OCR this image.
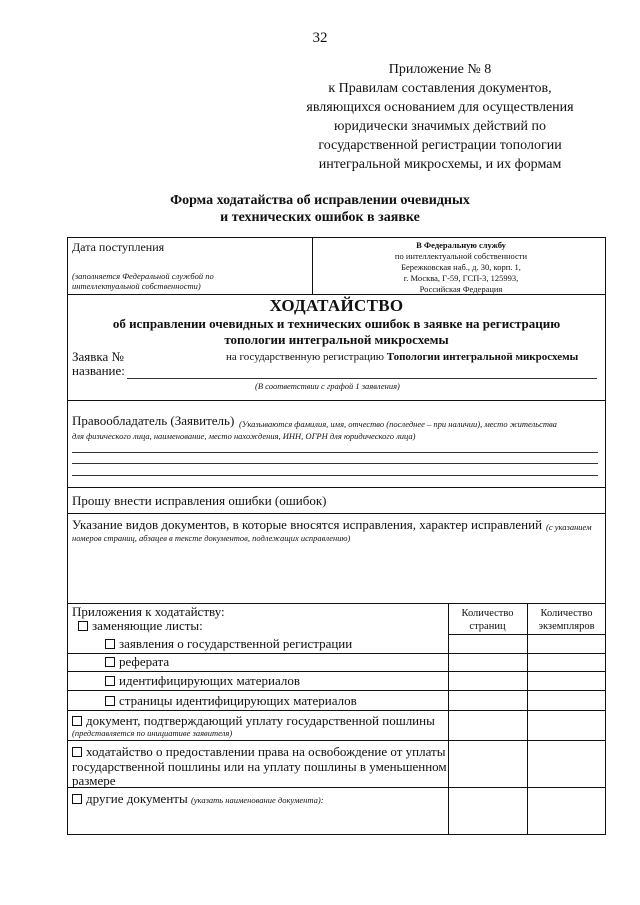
32
Приложение № 8
к Правилам составления документов,
являющихся основанием для осуществления
юридически значимых действий по
государственной регистрации топологии
интегральной микросхемы, и их формам
Форма ходатайства об исправлении очевидных
и технических ошибок в заявке
Дата поступления
(заполняется Федеральной службой по
интеллектуальной собственности)
В Федеральную службу
по интеллектуальной собственности
Бережковская наб., д. 30, корп. 1,
г. Москва, Г-59, ГСП-3, 125993,
Российская Федерация
ХОДАТАЙСТВО
об исправлении очевидных и технических ошибок в заявке на регистрацию
топологии интегральной микросхемы
Заявка №	на государственную регистрацию Топологии интегральной микросхемы
название:
(В соответствии с графой 1 заявления)
Правообладатель (Заявитель) (Указываются фамилия, имя, отчество (последнее – при наличии), место жительства
для физического лица, наименование, место нахождения, ИНН, ОГРН для юридического лица)
Прошу внести исправления ошибки (ошибок)
Указание видов документов, в которые вносятся исправления, характер исправлений (с указанием
номеров страниц, абзацев в тексте документов, подлежащих исправлению)
Приложения к ходатайству:	Количество
страниц
Количество
экземпляров
заменяющие листы:
заявления о государственной регистрации
реферата
идентифицирующих материалов
страницы идентифицирующих материалов
документ, подтверждающий уплату государственной пошлины
(представляется по инициативе заявителя)
ходатайство о предоставлении права на освобождение от уплаты
государственной пошлины или на уплату пошлины в уменьшенном
размере
другие документы (указать наименование документа):
